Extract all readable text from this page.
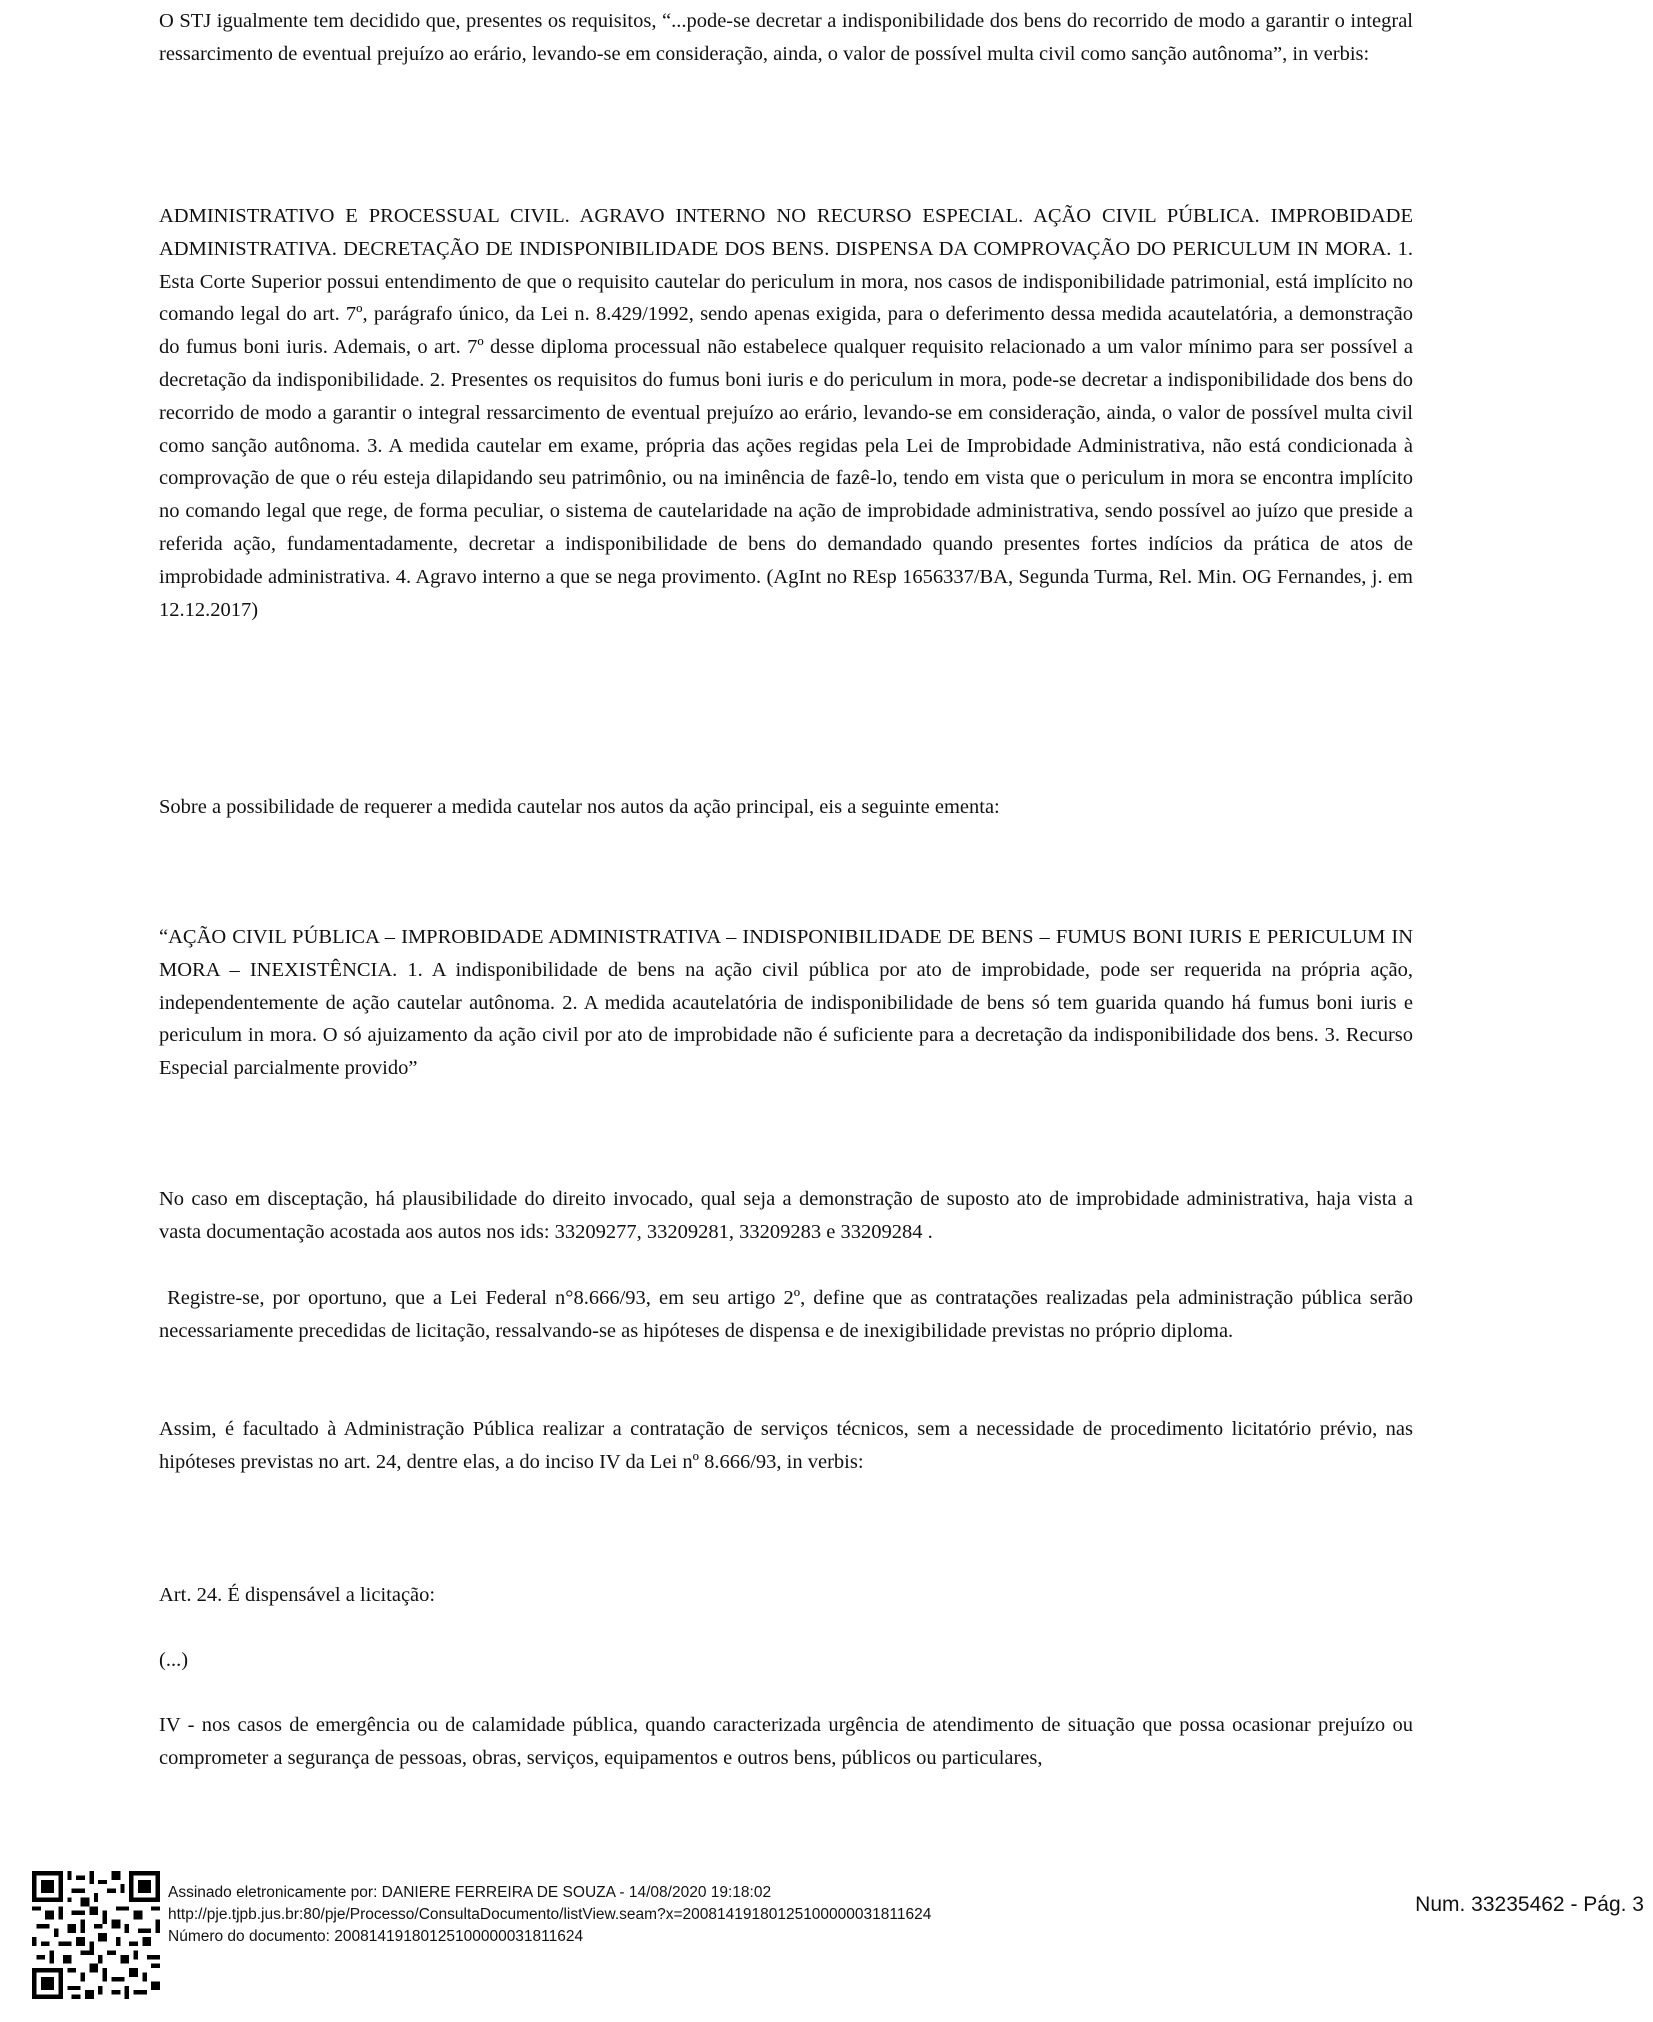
O STJ igualmente tem decidido que, presentes os requisitos, “...pode-se decretar a indisponibilidade dos bens do recorrido de modo a garantir o integral ressarcimento de eventual prejuízo ao erário, levando-se em consideração, ainda, o valor de possível multa civil como sanção autônoma”, in verbis:

ADMINISTRATIVO E PROCESSUAL CIVIL. AGRAVO INTERNO NO RECURSO ESPECIAL. AÇÃO CIVIL PÚBLICA. IMPROBIDADE ADMINISTRATIVA. DECRETAÇÃO DE INDISPONIBILIDADE DOS BENS. DISPENSA DA COMPROVAÇÃO DO PERICULUM IN MORA. 1. Esta Corte Superior possui entendimento de que o requisito cautelar do periculum in mora, nos casos de indisponibilidade patrimonial, está implícito no comando legal do art. 7º, parágrafo único, da Lei n. 8.429/1992, sendo apenas exigida, para o deferimento dessa medida acautelatória, a demonstração do fumus boni iuris. Ademais, o art. 7º desse diploma processual não estabelece qualquer requisito relacionado a um valor mínimo para ser possível a decretação da indisponibilidade. 2. Presentes os requisitos do fumus boni iuris e do periculum in mora, pode-se decretar a indisponibilidade dos bens do recorrido de modo a garantir o integral ressarcimento de eventual prejuízo ao erário, levando-se em consideração, ainda, o valor de possível multa civil como sanção autônoma. 3. A medida cautelar em exame, própria das ações regidas pela Lei de Improbidade Administrativa, não está condicionada à comprovação de que o réu esteja dilapidando seu patrimônio, ou na iminência de fazê-lo, tendo em vista que o periculum in mora se encontra implícito no comando legal que rege, de forma peculiar, o sistema de cautelaridade na ação de improbidade administrativa, sendo possível ao juízo que preside a referida ação, fundamentadamente, decretar a indisponibilidade de bens do demandado quando presentes fortes indícios da prática de atos de improbidade administrativa. 4. Agravo interno a que se nega provimento. (AgInt no REsp 1656337/BA, Segunda Turma, Rel. Min. OG Fernandes, j. em 12.12.2017)

Sobre a possibilidade de requerer a medida cautelar nos autos da ação principal, eis a seguinte ementa:

“AÇÃO CIVIL PÚBLICA – IMPROBIDADE ADMINISTRATIVA – INDISPONIBILIDADE DE BENS – FUMUS BONI IURIS E PERICULUM IN MORA – INEXISTÊNCIA. 1. A indisponibilidade de bens na ação civil pública por ato de improbidade, pode ser requerida na própria ação, independentemente de ação cautelar autônoma. 2. A medida acautelatória de indisponibilidade de bens só tem guarida quando há fumus boni iuris e periculum in mora. O só ajuizamento da ação civil por ato de improbidade não é suficiente para a decretação da indisponibilidade dos bens. 3. Recurso Especial parcialmente provido”

No caso em disceptação, há plausibilidade do direito invocado, qual seja a demonstração de suposto ato de improbidade administrativa, haja vista a vasta documentação acostada aos autos nos ids: 33209277, 33209281, 33209283 e 33209284 .

Registre-se, por oportuno, que a Lei Federal n°8.666/93, em seu artigo 2º, define que as contratações realizadas pela administração pública serão necessariamente precedidas de licitação, ressalvando-se as hipóteses de dispensa e de inexigibilidade previstas no próprio diploma.

Assim, é facultado à Administração Pública realizar a contratação de serviços técnicos, sem a necessidade de procedimento licitatório prévio, nas hipóteses previstas no art. 24, dentre elas, a do inciso IV da Lei nº 8.666/93, in verbis:

Art. 24. É dispensável a licitação:

(...)

IV - nos casos de emergência ou de calamidade pública, quando caracterizada urgência de atendimento de situação que possa ocasionar prejuízo ou comprometer a segurança de pessoas, obras, serviços, equipamentos e outros bens, públicos ou particulares,

Assinado eletronicamente por: DANIERE FERREIRA DE SOUZA - 14/08/2020 19:18:02
http://pje.tjpb.jus.br:80/pje/Processo/ConsultaDocumento/listView.seam?x=20081419180125100000031811624
Número do documento: 20081419180125100000031811624
Num. 33235462 - Pág. 3
